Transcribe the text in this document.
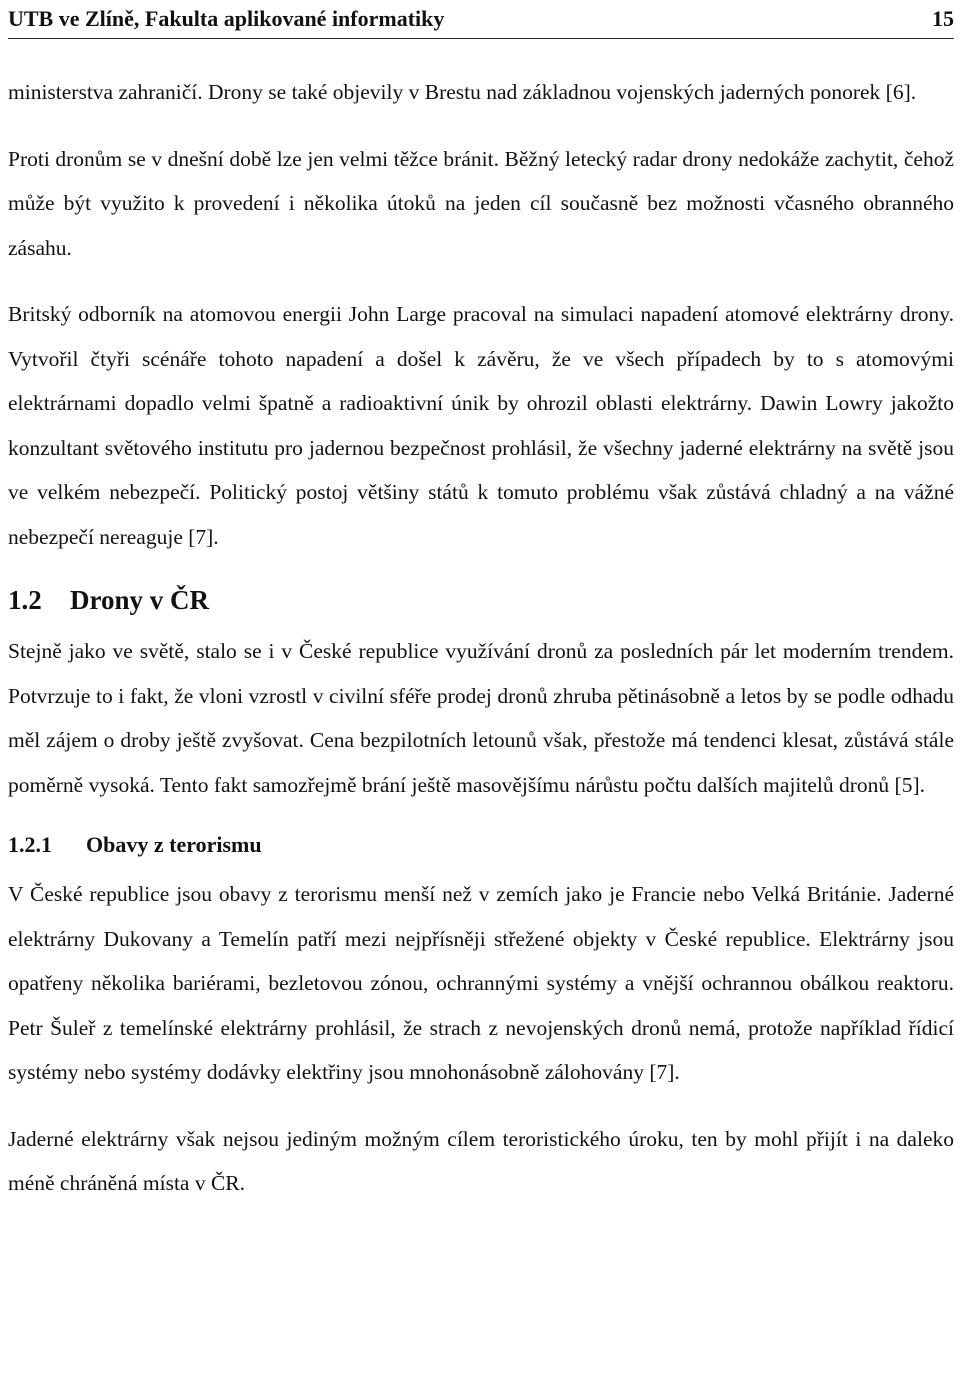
UTB ve Zlíně, Fakulta aplikované informatiky	15

ministerstva zahraničí. Drony se také objevily v Brestu nad základnou vojenských jaderných ponorek [6].

Proti dronům se v dnešní době lze jen velmi těžce bránit. Běžný letecký radar drony nedokáže zachytit, čehož může být využito k provedení i několika útoků na jeden cíl současně bez možnosti včasného obranného zásahu.

Britský odborník na atomovou energii John Large pracoval na simulaci napadení atomové elektrárny drony. Vytvořil čtyři scénáře tohoto napadení a došel k závěru, že ve všech případech by to s atomovými elektrárnami dopadlo velmi špatně a radioaktivní únik by ohrozil oblasti elektrárny. Dawin Lowry jakožto konzultant světového institutu pro jadernou bezpečnost prohlásil, že všechny jaderné elektrárny na světě jsou ve velkém nebezpečí. Politický postoj většiny států k tomuto problému však zůstává chladný a na vážné nebezpečí nereaguje [7].

1.2	Drony v ČR

Stejně jako ve světě, stalo se i v České republice využívání dronů za posledních pár let moderním trendem. Potvrzuje to i fakt, že vloni vzrostl v civilní sféře prodej dronů zhruba pětinásobně a letos by se podle odhadu měl zájem o droby ještě zvyšovat. Cena bezpilotních letounů však, přestože má tendenci klesat, zůstává stále poměrně vysoká. Tento fakt samozřejmě brání ještě masovějšímu nárůstu počtu dalších majitelů dronů [5].

1.2.1	Obavy z terorismu

V České republice jsou obavy z terorismu menší než v zemích jako je Francie nebo Velká Británie. Jaderné elektrárny Dukovany a Temelín patří mezi nejpřísněji střežené objekty v České republice. Elektrárny jsou opatřeny několika bariérami, bezletovou zónou, ochrannými systémy a vnější ochrannou obálkou reaktoru. Petr Šuleř z temelínské elektrárny prohlásil, že strach z nevojenských dronů nemá, protože například řídicí systémy nebo systémy dodávky elektřiny jsou mnohonásobně zálohovány [7].

Jaderné elektrárny však nejsou jediným možným cílem teroristického úroku, ten by mohl přijít i na daleko méně chráněná místa v ČR.
